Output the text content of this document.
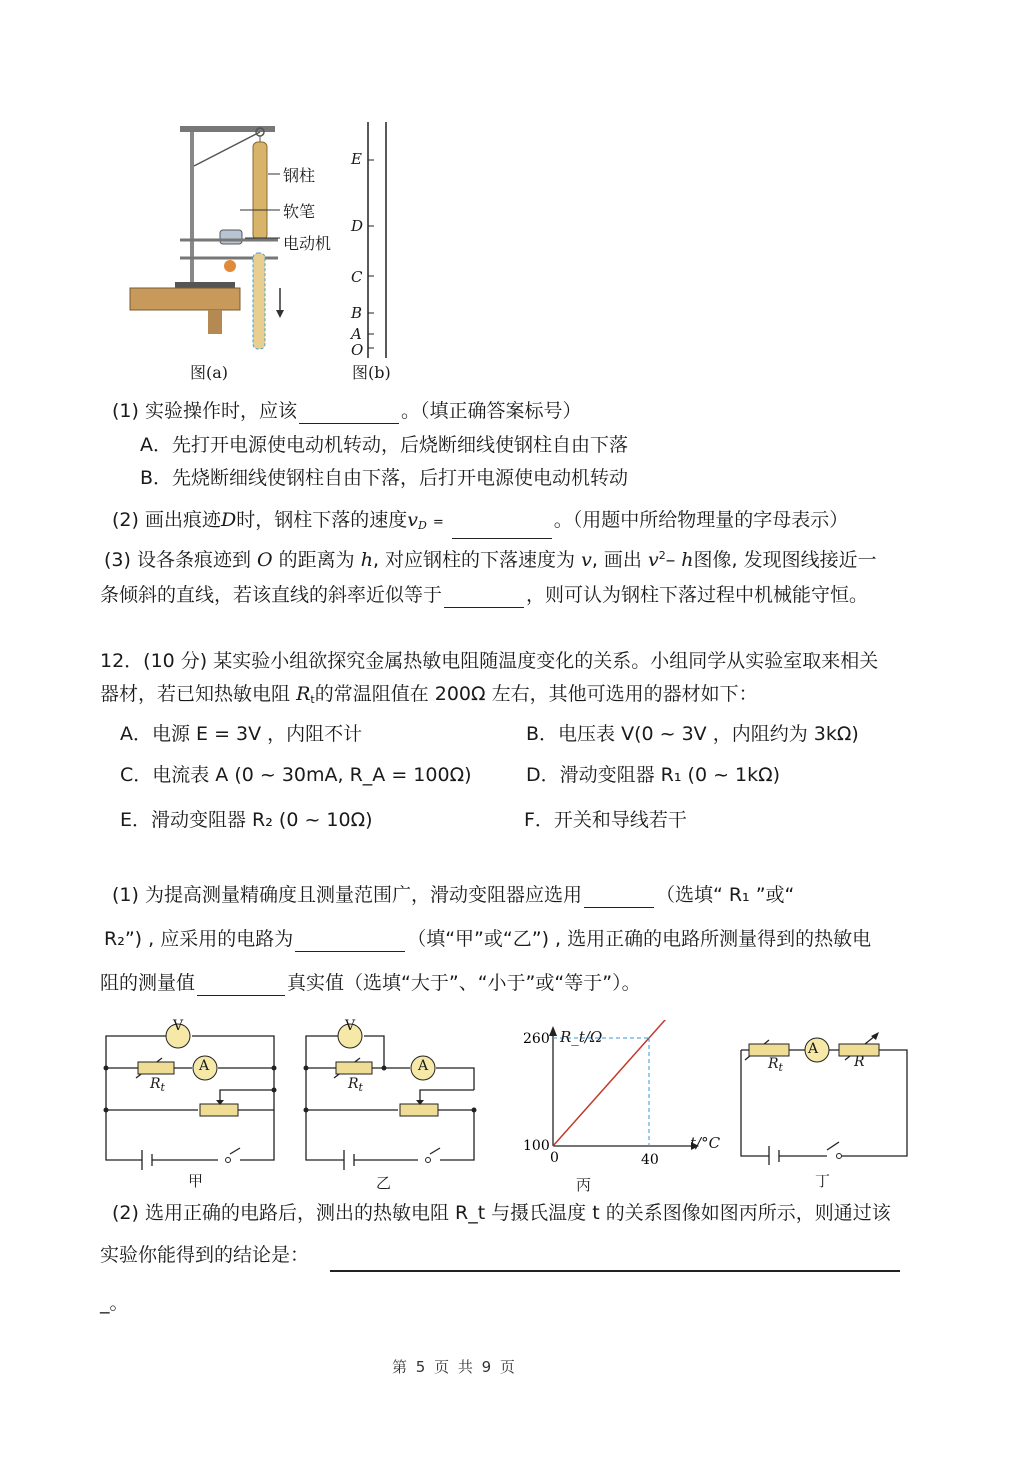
钢柱
软笔
电动机
图(a)
E
D
C
B
A
O
图(b)
(1) 实验操作时，应该	。（填正确答案标号）
A．先打开电源使电动机转动，后烧断细线使钢柱自由下落
B．先烧断细线使钢柱自由下落，后打开电源使电动机转动
(2) 画出痕迹D时，钢柱下落的速度$v_D$ =	。（用题中所给物理量的字母表示）
(3) 设各条痕迹到 O 的距离为 h, 对应钢柱的下落速度为 v, 画出 $v^2-$ h图像, 发现图线接近一
条倾斜的直线，若该直线的斜率近似等于	，则可认为钢柱下落过程中机械能守恒。
12．(10 分) 某实验小组欲探究金属热敏电阻随温度变化的关系。小组同学从实验室取来相关
器材，若已知热敏电阻 $R_t$的常温阻值在 200Ω 左右，其他可选用的器材如下：
A．电源 E = 3V ，内阻不计	B．电压表 V(0 ~ 3V ，内阻约为 3kΩ)
C．电流表 A (0 ~ 30mA, R_A = 100Ω)	D．滑动变阻器 R₁ (0 ~ 1kΩ)
E．滑动变阻器 R₂ (0 ~ 10Ω)	F．开关和导线若干
(1) 为提高测量精确度且测量范围广，滑动变阻器应选用	（选填“ R₁ ”或“
R₂”) , 应采用的电路为	（填“甲”或“乙”) , 选用正确的电路所测量得到的热敏电
阻的测量值	真实值（选填“大于”、“小于”或“等于”）。
V
A
$R_t$
甲
V
A
$R_t$
乙
260
100
0	40
R_t/Ω
t/°C
丙
A
$R_t$	R
丁
(2) 选用正确的电路后，测出的热敏电阻 R_t 与摄氏温度 t 的关系图像如图丙所示，则通过该
实验你能得到的结论是：
_。
第 5 页 共 9 页
